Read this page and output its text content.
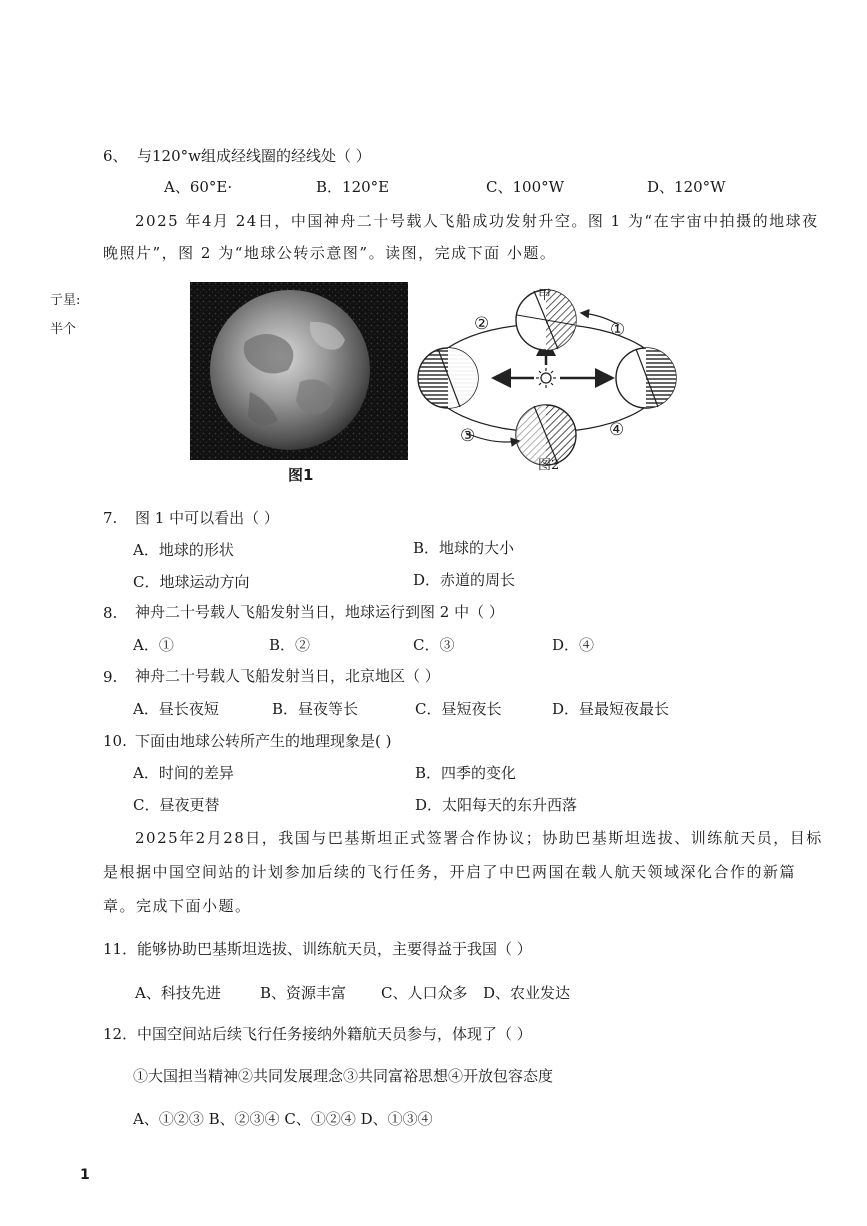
亍星:
半个
6、 与120°w组成经线圈的经线处（ ）
A、60°E·	B．120°E	C、100°W	D、120°W
2025 年4月 24日，中国神舟二十号载人飞船成功发射升空。图 1 为“在宇宙中拍摄的地球夜
晚照片”，图 2 为“地球公转示意图”。读图，完成下面 小题。
图1
甲
②	①
③	④
图2
7. 图 1 中可以看出（ ）
A．地球的形状	B．地球的大小
C．地球运动方向	D．赤道的周长
8. 神舟二十号载人飞船发射当日，地球运行到图 2 中（ ）
A．①	B．②	C．③	D．④
9. 神舟二十号载人飞船发射当日，北京地区（ ）
A．昼长夜短	B．昼夜等长	C．昼短夜长	D．昼最短夜最长
10. 下面由地球公转所产生的地理现象是( )
A．时间的差异	B．四季的变化
C．昼夜更替	D．太阳每天的东升西落
2025年2月28日，我国与巴基斯坦正式签署合作协议；协助巴基斯坦选拔、训练航天员，目标
是根据中国空间站的计划参加后续的飞行任务，开启了中巴两国在载人航天领域深化合作的新篇
章。完成下面小题。
11． 能够协助巴基斯坦选拔、训练航天员，主要得益于我国（ ）
A、科技先进	B、资源丰富 C、人口众多 D、农业发达
12． 中国空间站后续飞行任务接纳外籍航天员参与，体现了（ ）
①大国担当精神②共同发展理念③共同富裕思想④开放包容态度
A、①②③ B、②③④ C、①②④ D、①③④
1
